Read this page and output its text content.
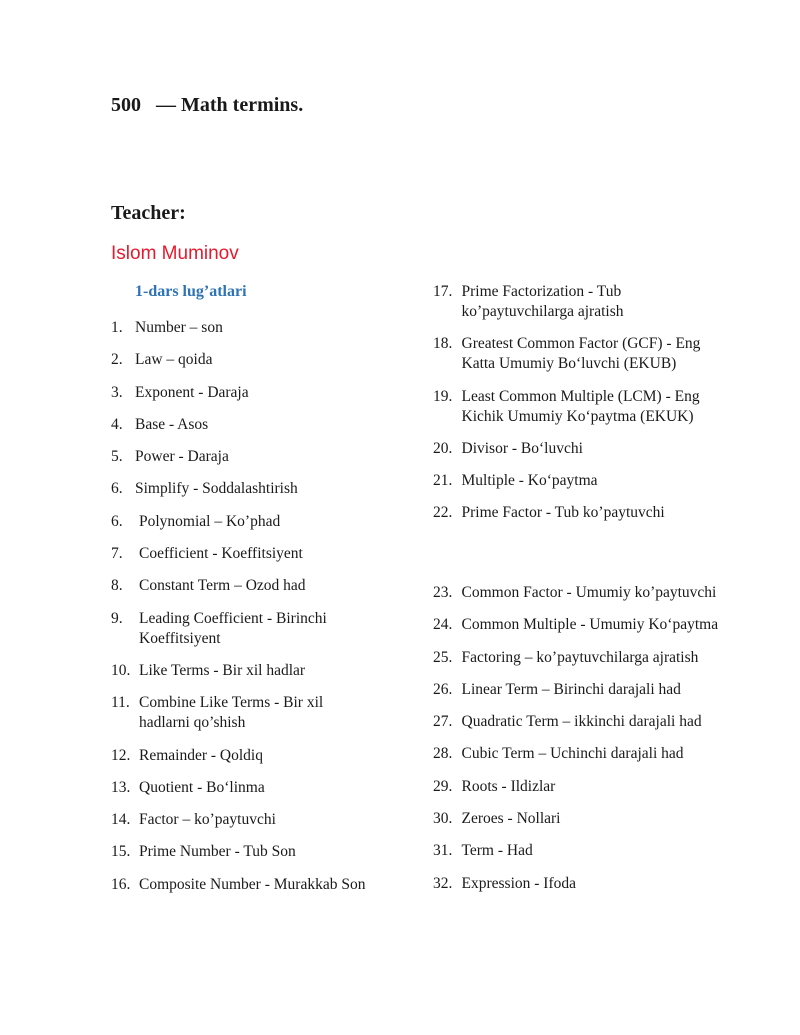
500   — Math termins.
Teacher:
Islom Muminov
1-dars lug’atlari
1. Number – son
2. Law – qoida
3. Exponent - Daraja
4. Base - Asos
5. Power - Daraja
6. Simplify - Soddalashtirish
6.	Polynomial – Ko’phad
7.	Coefficient - Koeffitsiyent
8.	Constant Term – Ozod had
9.	Leading Coefficient - Birinchi Koeffitsiyent
10. Like Terms - Bir xil hadlar
11. Combine Like Terms - Bir xil hadlarni qo’shish
12. Remainder - Qoldiq
13. Quotient - Bo‘linma
14. Factor – ko’paytuvchi
15. Prime Number - Tub Son
16. Composite Number - Murakkab Son
17. Prime Factorization - Tub ko’paytuvchilarga ajratish
18. Greatest Common Factor (GCF) - Eng Katta Umumiy Bo‘luvchi (EKUB)
19. Least Common Multiple (LCM) - Eng Kichik Umumiy Ko‘paytma (EKUK)
20. Divisor - Bo‘luvchi
21. Multiple - Ko‘paytma
22. Prime Factor - Tub ko’paytuvchi
23. Common Factor - Umumiy ko’paytuvchi
24. Common Multiple - Umumiy Ko‘paytma
25. Factoring – ko’paytuvchilarga ajratish
26. Linear Term – Birinchi darajali had
27. Quadratic Term – ikkinchi darajali had
28. Cubic Term – Uchinchi darajali had
29. Roots - Ildizlar
30. Zeroes - Nollari
31. Term - Had
32. Expression - Ifoda
